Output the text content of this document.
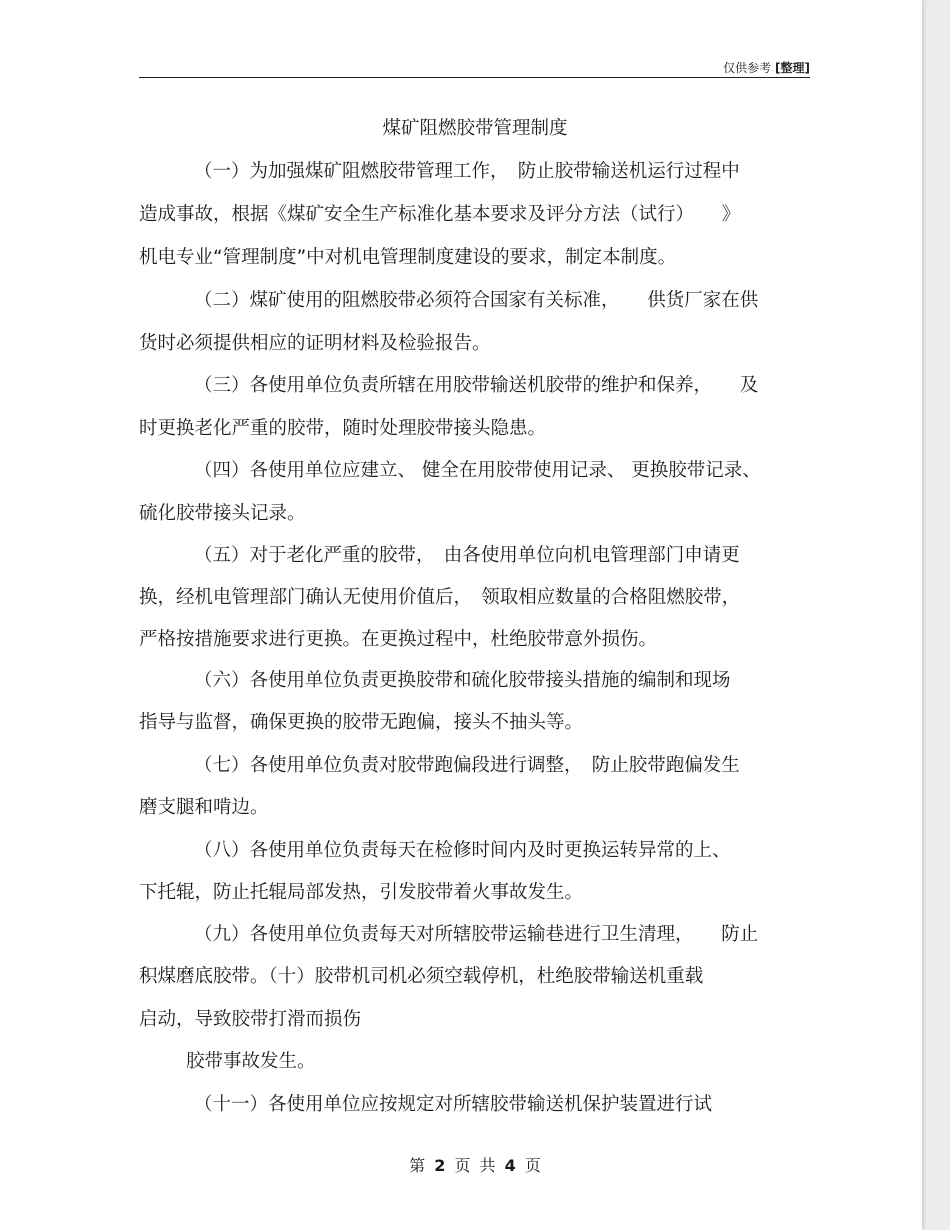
仅供参考 [整理]
煤矿阻燃胶带管理制度
（一）为加强煤矿阻燃胶带管理工作，　防止胶带输送机运行过程中
造成事故，根据《煤矿安全生产标准化基本要求及评分方法（试行）　　》
机电专业“管理制度”中对机电管理制度建设的要求，制定本制度。
（二）煤矿使用的阻燃胶带必须符合国家有关标准，　　供货厂家在供
货时必须提供相应的证明材料及检验报告。
（三）各使用单位负责所辖在用胶带输送机胶带的维护和保养，　　及
时更换老化严重的胶带，随时处理胶带接头隐患。
（四）各使用单位应建立、 健全在用胶带使用记录、 更换胶带记录、
硫化胶带接头记录。
（五）对于老化严重的胶带，　由各使用单位向机电管理部门申请更
换，经机电管理部门确认无使用价值后，　领取相应数量的合格阻燃胶带，
严格按措施要求进行更换。在更换过程中，杜绝胶带意外损伤。
（六）各使用单位负责更换胶带和硫化胶带接头措施的编制和现场
指导与监督，确保更换的胶带无跑偏，接头不抽头等。
（七）各使用单位负责对胶带跑偏段进行调整，　防止胶带跑偏发生
磨支腿和啃边。
（八）各使用单位负责每天在检修时间内及时更换运转异常的上、
下托辊，防止托辊局部发热，引发胶带着火事故发生。
（九）各使用单位负责每天对所辖胶带运输巷进行卫生清理，　　防止
积煤磨底胶带。（十）胶带机司机必须空载停机，杜绝胶带输送机重载
启动，导致胶带打滑而损伤
胶带事故发生。
（十一）各使用单位应按规定对所辖胶带输送机保护装置进行试
第 2 页 共 4 页
